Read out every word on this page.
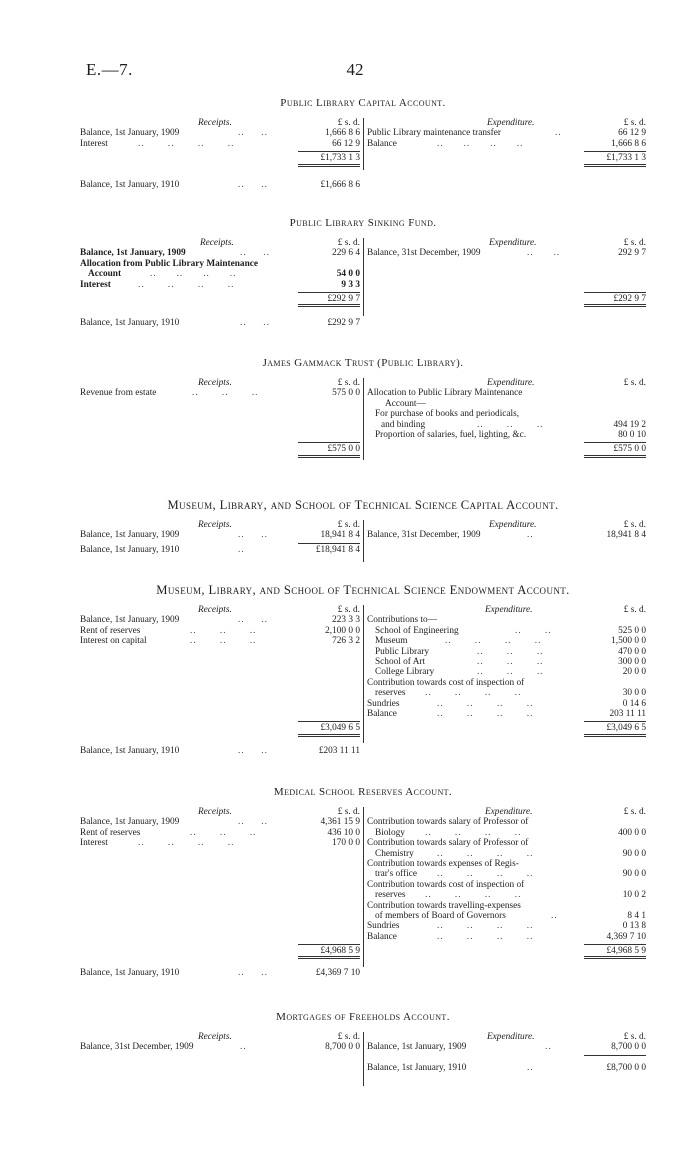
E.—7.	42
Public Library Capital Account.
Receipts.	£ s. d.
Balance, 1st January, 1909	..     ..	1,666 8 6
Interest	..       ..       ..       ..	66 12 9
£1,733 1 3
Balance, 1st January, 1910	..     ..	£1,666 8 6
Expenditure.	£ s. d.
Public Library maintenance transfer	..	66 12 9
Balance	..      ..      ..      ..	1,666 8 6
£1,733 1 3
Public Library Sinking Fund.
Receipts.	£ s. d.
Balance, 1st January, 1909	..     ..	229 6 4
Allocation from Public Library Maintenance
Account	..      ..      ..      ..	54 0 0
Interest	..       ..       ..       ..	9 3 3
£292 9 7
Balance, 1st January, 1910	..     ..	£292 9 7
Expenditure.	£ s. d.
Balance, 31st December, 1909	..      ..	292 9 7
£292 9 7
James Gammack Trust (Public Library).
Receipts.	£ s. d.
Revenue from estate	..       ..       ..	575 0 0
£575 0 0
Expenditure.	£ s. d.
Allocation to Public Library Maintenance
Account—
For purchase of books and periodicals,
and binding	..       ..       ..	494 19 2
Proportion of salaries, fuel, lighting, &c.	80 0 10
£575 0 0
Museum, Library, and School of Technical Science Capital Account.
Receipts.	£ s. d.
Balance, 1st January, 1909	..     ..	18,941 8 4
Balance, 1st January, 1910	..	£18,941 8 4
Expenditure.	£ s. d.
Balance, 31st December, 1909	..	18,941 8 4
Museum, Library, and School of Technical Science Endowment Account.
Receipts.	£ s. d.
Balance, 1st January, 1909	..     ..	223 3 3
Rent of reserves	..       ..       ..	2,100 0 0
Interest on capital	..       ..       ..	726 3 2
£3,049 6 5
Balance, 1st January, 1910	..     ..	£203 11 11
Expenditure.	£ s. d.
Contributions to—
School of Engineering	..       ..	525 0 0
Museum	..       ..       ..       ..	1,500 0 0
Public Library	..       ..       ..	470 0 0
School of Art	..       ..       ..	300 0 0
College Library	..       ..       ..	20 0 0
Contribution towards cost of inspection of
reserves ..       ..       ..       ..	30 0 0
Sundries	..       ..       ..       ..	0 14 6
Balance	..       ..       ..       ..	203 11 11
£3,049 6 5
Medical School Reserves Account.
Receipts.	£ s. d.
Balance, 1st January, 1909	..     ..	4,361 15 9
Rent of reserves	..       ..       ..	436 10 0
Interest	..       ..       ..       ..	170 0 0
£4,968 5 9
Balance, 1st January, 1910	..     ..	£4,369 7 10
Expenditure.	£ s. d.
Contribution towards salary of Professor of
Biology ..       ..       ..       ..	400 0 0
Contribution towards salary of Professor of
Chemistry	..       ..       ..       ..	90 0 0
Contribution towards expenses of Regis-
trar's office ..       ..       ..       ..	90 0 0
Contribution towards cost of inspection of
reserves ..       ..       ..       ..	10 0 2
Contribution towards travelling-expenses
of members of Board of Governors	..	8 4 1
Sundries	..       ..       ..       ..	0 13 8
Balance	..       ..       ..       ..	4,369 7 10
£4,968 5 9
Mortgages of Freeholds Account.
Receipts.	£ s. d.
Balance, 31st December, 1909	..	8,700 0 0
Expenditure.	£ s. d.
Balance, 1st January, 1909	..	8,700 0 0
Balance, 1st January, 1910	..	£8,700 0 0
